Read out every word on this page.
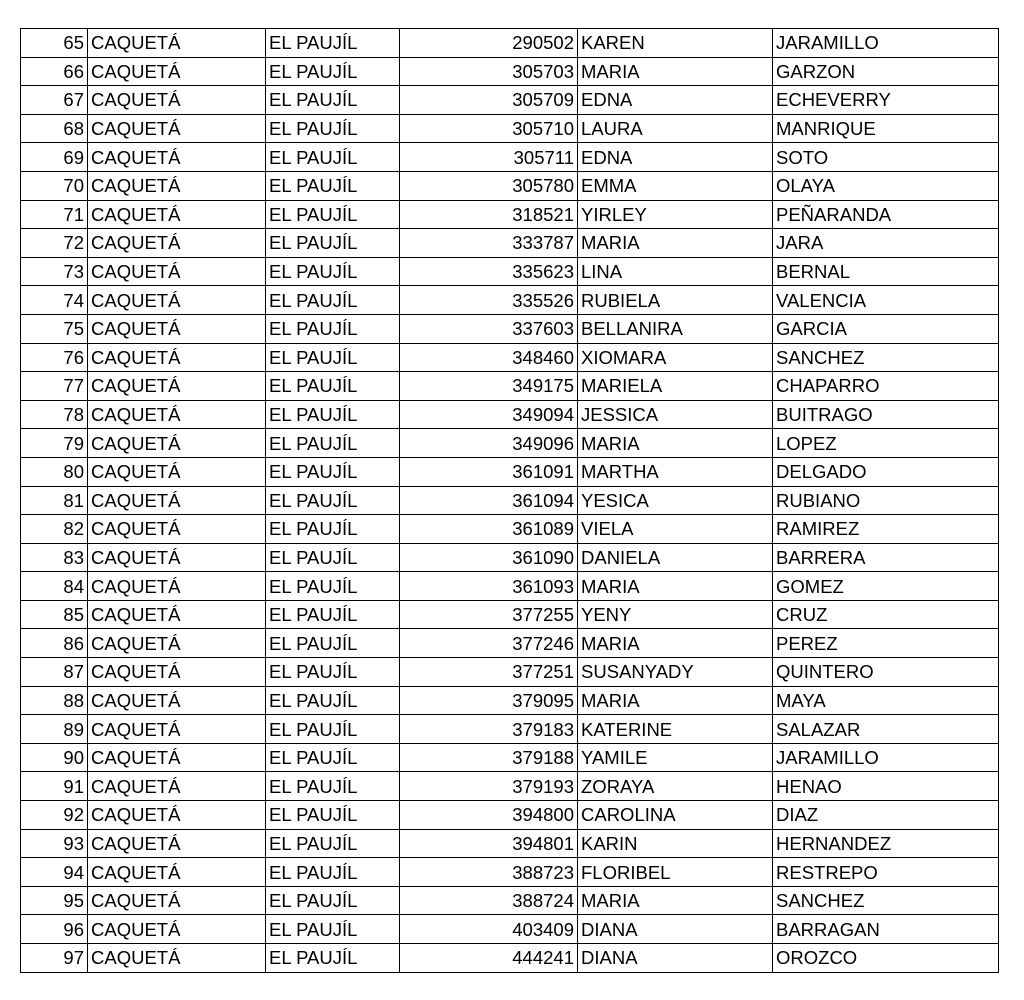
65	CAQUETÁ	EL PAUJÍL	290502	KAREN	JARAMILLO
66	CAQUETÁ	EL PAUJÍL	305703	MARIA	GARZON
67	CAQUETÁ	EL PAUJÍL	305709	EDNA	ECHEVERRY
68	CAQUETÁ	EL PAUJÍL	305710	LAURA	MANRIQUE
69	CAQUETÁ	EL PAUJÍL	305711	EDNA	SOTO
70	CAQUETÁ	EL PAUJÍL	305780	EMMA	OLAYA
71	CAQUETÁ	EL PAUJÍL	318521	YIRLEY	PEÑARANDA
72	CAQUETÁ	EL PAUJÍL	333787	MARIA	JARA
73	CAQUETÁ	EL PAUJÍL	335623	LINA	BERNAL
74	CAQUETÁ	EL PAUJÍL	335526	RUBIELA	VALENCIA
75	CAQUETÁ	EL PAUJÍL	337603	BELLANIRA	GARCIA
76	CAQUETÁ	EL PAUJÍL	348460	XIOMARA	SANCHEZ
77	CAQUETÁ	EL PAUJÍL	349175	MARIELA	CHAPARRO
78	CAQUETÁ	EL PAUJÍL	349094	JESSICA	BUITRAGO
79	CAQUETÁ	EL PAUJÍL	349096	MARIA	LOPEZ
80	CAQUETÁ	EL PAUJÍL	361091	MARTHA	DELGADO
81	CAQUETÁ	EL PAUJÍL	361094	YESICA	RUBIANO
82	CAQUETÁ	EL PAUJÍL	361089	VIELA	RAMIREZ
83	CAQUETÁ	EL PAUJÍL	361090	DANIELA	BARRERA
84	CAQUETÁ	EL PAUJÍL	361093	MARIA	GOMEZ
85	CAQUETÁ	EL PAUJÍL	377255	YENY	CRUZ
86	CAQUETÁ	EL PAUJÍL	377246	MARIA	PEREZ
87	CAQUETÁ	EL PAUJÍL	377251	SUSANYADY	QUINTERO
88	CAQUETÁ	EL PAUJÍL	379095	MARIA	MAYA
89	CAQUETÁ	EL PAUJÍL	379183	KATERINE	SALAZAR
90	CAQUETÁ	EL PAUJÍL	379188	YAMILE	JARAMILLO
91	CAQUETÁ	EL PAUJÍL	379193	ZORAYA	HENAO
92	CAQUETÁ	EL PAUJÍL	394800	CAROLINA	DIAZ
93	CAQUETÁ	EL PAUJÍL	394801	KARIN	HERNANDEZ
94	CAQUETÁ	EL PAUJÍL	388723	FLORIBEL	RESTREPO
95	CAQUETÁ	EL PAUJÍL	388724	MARIA	SANCHEZ
96	CAQUETÁ	EL PAUJÍL	403409	DIANA	BARRAGAN
97	CAQUETÁ	EL PAUJÍL	444241	DIANA	OROZCO
